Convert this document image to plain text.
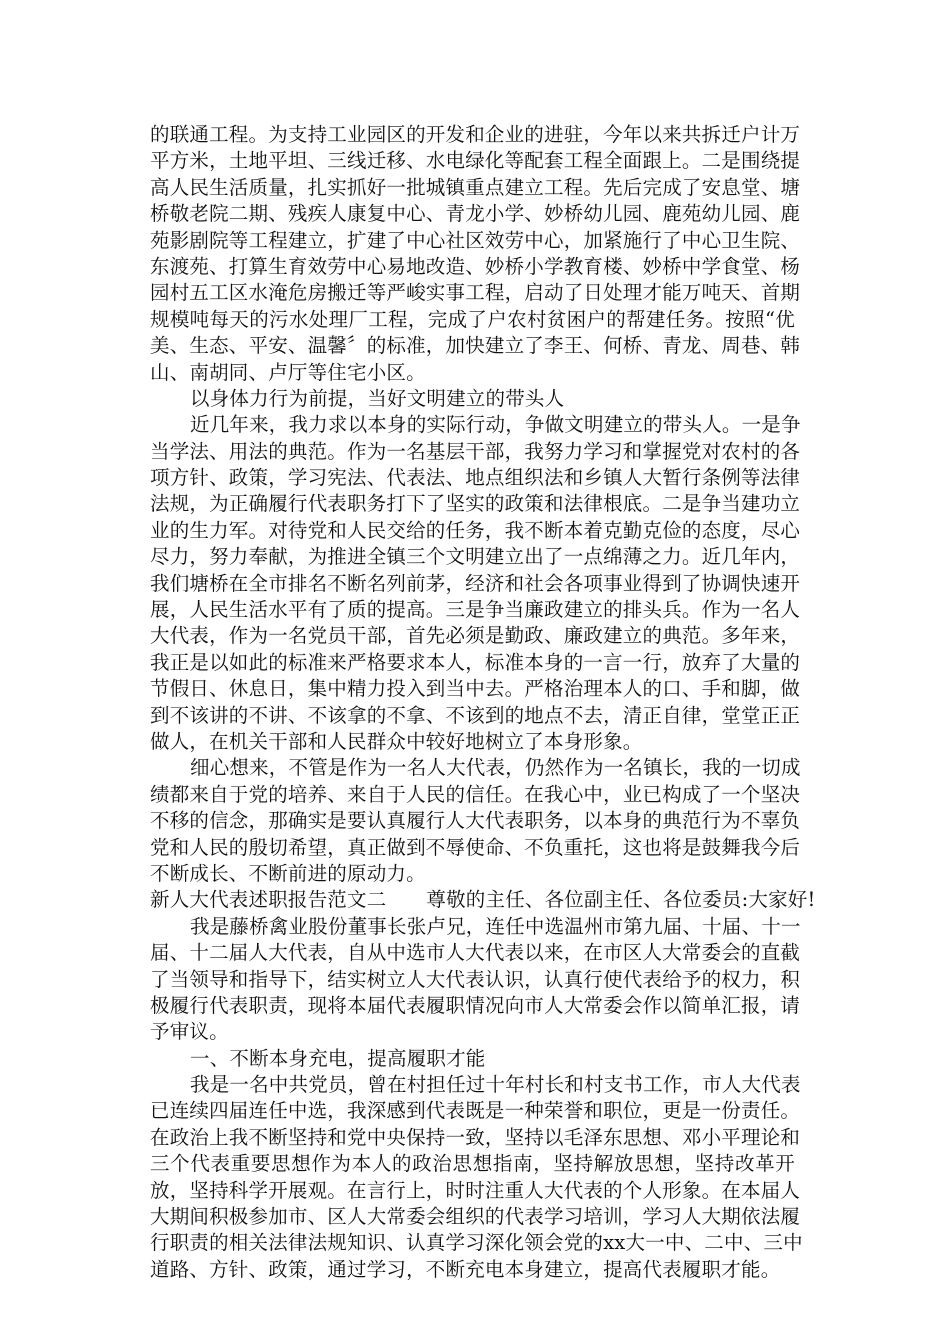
的联通工程。为支持工业园区的开发和企业的进驻，今年以来共拆迁户计万
平方米，土地平坦、三线迁移、水电绿化等配套工程全面跟上。二是围绕提
高人民生活质量，扎实抓好一批城镇重点建立工程。先后完成了安息堂、塘
桥敬老院二期、残疾人康复中心、青龙小学、妙桥幼儿园、鹿苑幼儿园、鹿
苑影剧院等工程建立，扩建了中心社区效劳中心，加紧施行了中心卫生院、
东渡苑、打算生育效劳中心易地改造、妙桥小学教育楼、妙桥中学食堂、杨
园村五工区水淹危房搬迁等严峻实事工程，启动了日处理才能万吨天、首期
规模吨每天的污水处理厂工程，完成了户农村贫困户的帮建任务。按照“优
美、生态、平安、温馨〞的标准，加快建立了李王、何桥、青龙、周巷、韩
山、南胡同、卢厅等住宅小区。
以身体力行为前提，当好文明建立的带头人
近几年来，我力求以本身的实际行动，争做文明建立的带头人。一是争
当学法、用法的典范。作为一名基层干部，我努力学习和掌握党对农村的各
项方针、政策，学习宪法、代表法、地点组织法和乡镇人大暂行条例等法律
法规，为正确履行代表职务打下了坚实的政策和法律根底。二是争当建功立
业的生力军。对待党和人民交给的任务，我不断本着克勤克俭的态度，尽心
尽力，努力奉献，为推进全镇三个文明建立出了一点绵薄之力。近几年内，
我们塘桥在全市排名不断名列前茅，经济和社会各项事业得到了协调快速开
展，人民生活水平有了质的提高。三是争当廉政建立的排头兵。作为一名人
大代表，作为一名党员干部，首先必须是勤政、廉政建立的典范。多年来，
我正是以如此的标准来严格要求本人，标准本身的一言一行，放弃了大量的
节假日、休息日，集中精力投入到当中去。严格治理本人的口、手和脚，做
到不该讲的不讲、不该拿的不拿、不该到的地点不去，清正自律，堂堂正正
做人，在机关干部和人民群众中较好地树立了本身形象。
细心想来，不管是作为一名人大代表，仍然作为一名镇长，我的一切成
绩都来自于党的培养、来自于人民的信任。在我心中，业已构成了一个坚决
不移的信念，那确实是要认真履行人大代表职务，以本身的典范行为不辜负
党和人民的殷切希望，真正做到不辱使命、不负重托，这也将是鼓舞我今后
不断成长、不断前进的原动力。
新人大代表述职报告范文二 尊敬的主任、各位副主任、各位委员:大家好!
我是藤桥禽业股份董事长张卢兄，连任中选温州市第九届、十届、十一
届、十二届人大代表，自从中选市人大代表以来，在市区人大常委会的直截
了当领导和指导下，结实树立人大代表认识，认真行使代表给予的权力，积
极履行代表职责，现将本届代表履职情况向市人大常委会作以简单汇报，请
予审议。
一、不断本身充电，提高履职才能
我是一名中共党员，曾在村担任过十年村长和村支书工作，市人大代表
已连续四届连任中选，我深感到代表既是一种荣誉和职位，更是一份责任。
在政治上我不断坚持和党中央保持一致，坚持以毛泽东思想、邓小平理论和
三个代表重要思想作为本人的政治思想指南，坚持解放思想，坚持改革开
放，坚持科学开展观。在言行上，时时注重人大代表的个人形象。在本届人
大期间积极参加市、区人大常委会组织的代表学习培训，学习人大期依法履
行职责的相关法律法规知识、认真学习深化领会党的xx大一中、二中、三中
道路、方针、政策，通过学习，不断充电本身建立，提高代表履职才能。
